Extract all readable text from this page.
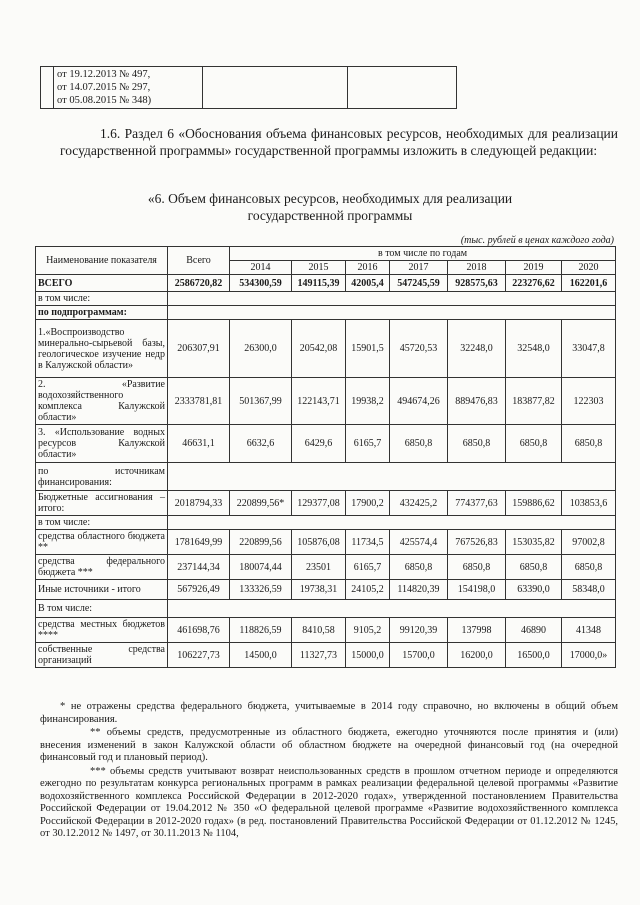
от 19.12.2013 № 497,
от 14.07.2015 № 297,
от 05.08.2015 № 348)

1.6. Раздел 6 «Обоснования объема финансовых ресурсов, необходимых для реализации государственной программы» государственной программы изложить в следующей редакции:
«6. Объем финансовых ресурсов, необходимых для реализации государственной программы
(тыс. рублей в ценах каждого года)
Наименование показателя	Всего	в том числе по годам						
		2014	2015	2016	2017	2018	2019	2020
ВСЕГО	2586720,82	534300,59	149115,39	42005,4	547245,59	928575,63	223276,62	162201,6
в том числе:								
по подпрограммам:								
1.«Воспроизводство минерально-сырьевой базы, геологическое изучение недр в Калужской области»	206307,91	26300,0	20542,08	15901,5	45720,53	32248,0	32548,0	33047,8
2. «Развитие водохозяйственного комплекса Калужской области»	2333781,81	501367,99	122143,71	19938,2	494674,26	889476,83	183877,82	122303
3. «Использование водных ресурсов Калужской области»	46631,1	6632,6	6429,6	6165,7	6850,8	6850,8	6850,8	6850,8
по источникам финансирования:								
Бюджетные ассигнования – итого:	2018794,33	220899,56*	129377,08	17900,2	432425,2	774377,63	159886,62	103853,6
в том числе:								
средства областного бюджета **	1781649,99	220899,56	105876,08	11734,5	425574,4	767526,83	153035,82	97002,8
средства федерального бюджета ***	237144,34	180074,44	23501	6165,7	6850,8	6850,8	6850,8	6850,8
Иные источники - итого	567926,49	133326,59	19738,31	24105,2	114820,39	154198,0	63390,0	58348,0
В том числе:								
средства местных бюджетов ****	461698,76	118826,59	8410,58	9105,2	99120,39	137998	46890	41348
собственные средства организаций	106227,73	14500,0	11327,73	15000,0	15700,0	16200,0	16500,0	17000,0»

* не отражены средства федерального бюджета, учитываемые в 2014 году справочно, но включены в общий объем финансирования.

** объемы средств, предусмотренные из областного бюджета, ежегодно уточняются после принятия и (или) внесения изменений в закон Калужской области об областном бюджете на очередной финансовый год (на очередной финансовый год и плановый период).

*** объемы средств учитывают возврат неиспользованных средств в прошлом отчетном периоде и определяются ежегодно по результатам конкурса региональных программ в рамках реализации федеральной целевой программы «Развитие водохозяйственного комплекса Российской Федерации в 2012-2020 годах», утвержденной постановлением Правительства Российской Федерации от 19.04.2012 № 350 «О федеральной целевой программе «Развитие водохозяйственного комплекса Российской Федерации в 2012-2020 годах» (в ред. постановлений Правительства Российской Федерации от 01.12.2012 № 1245, от 30.12.2012 № 1497, от 30.11.2013 № 1104,
